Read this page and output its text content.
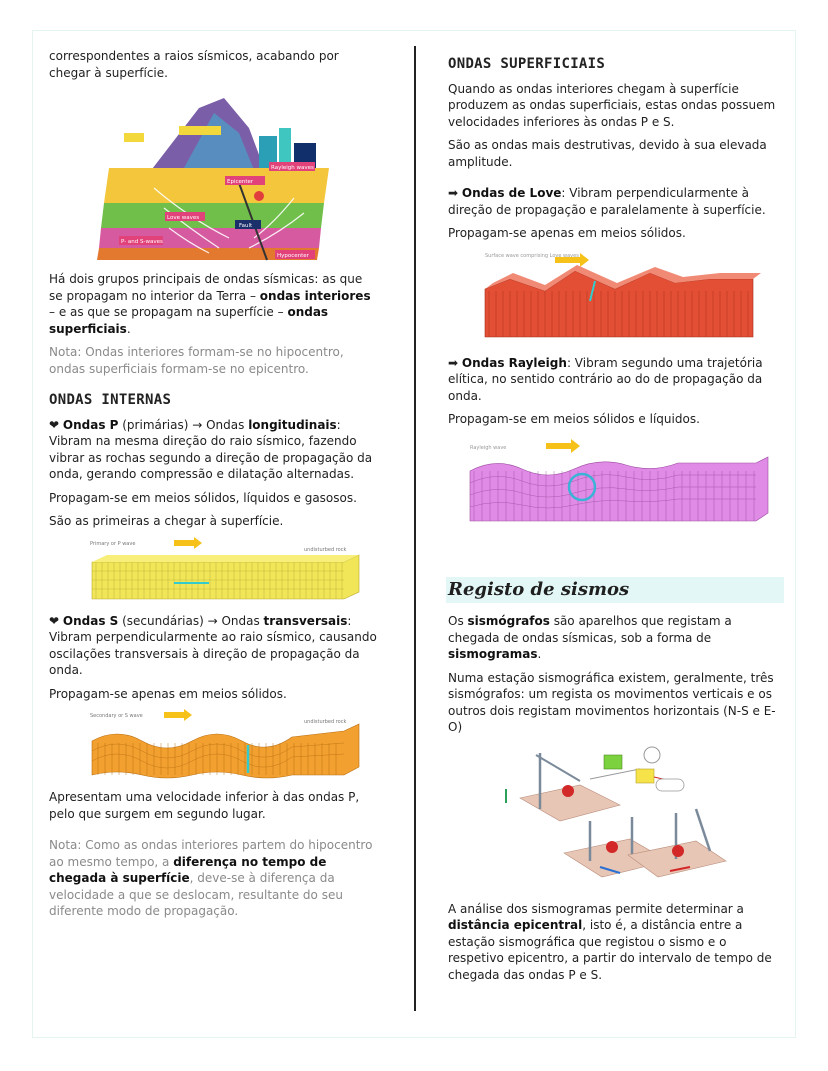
correspondentes a raios sísmicos, acabando por chegar à superfície.

Love waves
Epicenter
Rayleigh waves
Fault
Hypocenter
P- and S-waves

Há dois grupos principais de ondas sísmicas: as que se propagam no interior da Terra – ondas interiores – e as que se propagam na superfície – ondas superficiais.

Nota: Ondas interiores formam-se no hipocentro, ondas superficiais formam-se no epicentro.

ONDAS INTERNAS

❤ Ondas P (primárias) → Ondas longitudinais: Vibram na mesma direção do raio sísmico, fazendo vibrar as rochas segundo a direção de propagação da onda, gerando compressão e dilatação alternadas.

Propagam-se em meios sólidos, líquidos e gasosos.

São as primeiras a chegar à superfície.

Primary or P wave
undisturbed rock

❤ Ondas S (secundárias) → Ondas transversais: Vibram perpendicularmente ao raio sísmico, causando oscilações transversais à direção de propagação da onda.

Propagam-se apenas em meios sólidos.

Secondary or S wave
undisturbed rock

Apresentam uma velocidade inferior à das ondas P, pelo que surgem em segundo lugar.

Nota: Como as ondas interiores partem do hipocentro ao mesmo tempo, a diferença no tempo de chegada à superfície, deve-se à diferença da velocidade a que se deslocam, resultante do seu diferente modo de propagação.

ONDAS SUPERFICIAIS

Quando as ondas interiores chegam à superfície produzem as ondas superficiais, estas ondas possuem velocidades inferiores às ondas P e S.

São as ondas mais destrutivas, devido à sua elevada amplitude.

➡ Ondas de Love: Vibram perpendicularmente à direção de propagação e paralelamente à superfície.

Propagam-se apenas em meios sólidos.

Surface wave comprising Love waves

➡ Ondas Rayleigh: Vibram segundo uma trajetória elítica, no sentido contrário ao do de propagação da onda.

Propagam-se em meios sólidos e líquidos.

Rayleigh wave
Registo de sismos

Os sismógrafos são aparelhos que registam a chegada de ondas sísmicas, sob a forma de sismogramas.

Numa estação sismográfica existem, geralmente, três sismógrafos: um regista os movimentos verticais e os outros dois registam movimentos horizontais (N-S e E-O)

A análise dos sismogramas permite determinar a distância epicentral, isto é, a distância entre a estação sismográfica que registou o sismo e o respetivo epicentro, a partir do intervalo de tempo de chegada das ondas P e S.
